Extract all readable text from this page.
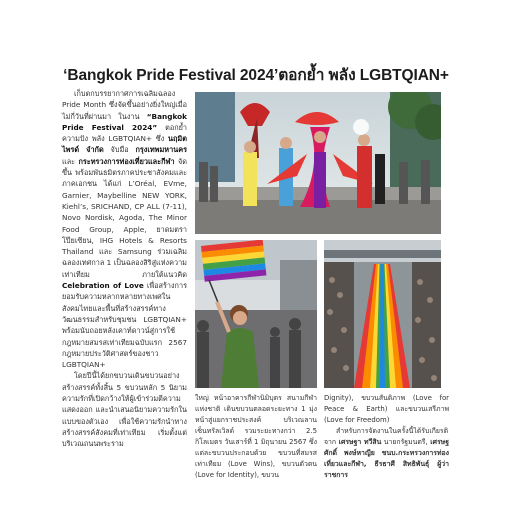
‘Bangkok Pride Festival 2024’ตอกย้ำ พลัง LGBTQIAN+

เก็บตกบรรยากาศการเฉลิมฉลอง Pride Month ซึ่งจัดขึ้นอย่างยิ่งใหญ่เมื่อไม่กี่วันที่ผ่านมา ในงาน “Bangkok Pride Festival 2024” ตอกย้ำความปัง พลัง LGBTQIAN+ ซึ่ง นฤมิตไพรด์ จำกัด จับมือ กรุงเทพมหานคร และ กระทรวงการท่องเที่ยวและกีฬา จัดขึ้น พร้อมพันธมิตรภาคประชาสังคมและภาคเอกชน ได้แก่ L’Oréal, EVme, Garnier, Maybelline NEW YORK, Kiehl’s, SRICHAND, CP ALL (7-11), Novo Nordisk, Agoda, The Minor Food Group, Apple, ยาดมตราโป๊ยเซียน, IHG Hotels & Resorts Thailand และ Samsung ร่วมเฉลิมฉลองเทศกาล 1 เป็นฉลองสิริสู่แห่งความเท่าเทียม ภายใต้แนวคิด Celebration of Love เพื่อสร้างการยอมรับความหลากหลายทางเพศในสังคมไทยและพื้นที่สร้างสรรค์ทางวัฒนธรรมสำหรับชุมชน LGBTQIAN+ พร้อมนับถอยหลังเคาท์ดาวน์สู่การใช้กฎหมายสมรสเท่าเทียมฉบับแรก 2567 กฎหมายประวัติศาสตร์ของชาว LGBTQIAN+

โดยปีนี้ได้ยกขบวนเดินขบวนอย่างสร้างสรรค์ทั้งสิ้น 5 ขบวนหลัก 5 นิยามความรักที่เปิดกว้างให้ผู้เข้าร่วมตีความ แสดงออก และนำเสนอนิยามความรักในแบบของตัวเอง เพื่อใช้ความรักนำทางสร้างสรรค์สังคมที่เท่าเทียม เริ่มตั้งแต่บริเวณถนนพระราม

ใหญ่ หน้าอาคารกีฬานิมิบุตร สนามกีฬาแห่งชาติ เดินขบวนตลอดระยะทาง 1 มุ่งหน้าสู่แยกราชประสงค์ บริเวณลานเซ็นทรัลเวิลด์ รวมระยะทางกว่า 2.5 กิโลเมตร วันเสาร์ที่ 1 มิถุนายน 2567 ซึ่งแต่ละขบวนประกอบด้วย ขบวนที่สมรสเท่าเทียม (Love Wins), ขบวนตัวตน (Love for Identity), ขบวน

Dignity), ขบวนสันติภาพ (Love for Peace & Earth) และขบวนเสรีภาพ (Love for Freedom)

สำหรับการจัดงานในครั้งนี้ได้รับเกียรติจาก เศรษฐา ทวีสิน นายกรัฐมนตรี, เศรษฐศักดิ์ พงษ์หาญีย ชนบ.กระทรวงการท่องเที่ยวและกีฬา, ธีรธาศี สิทธิพันธุ์ ผู้ว่าราชการ
